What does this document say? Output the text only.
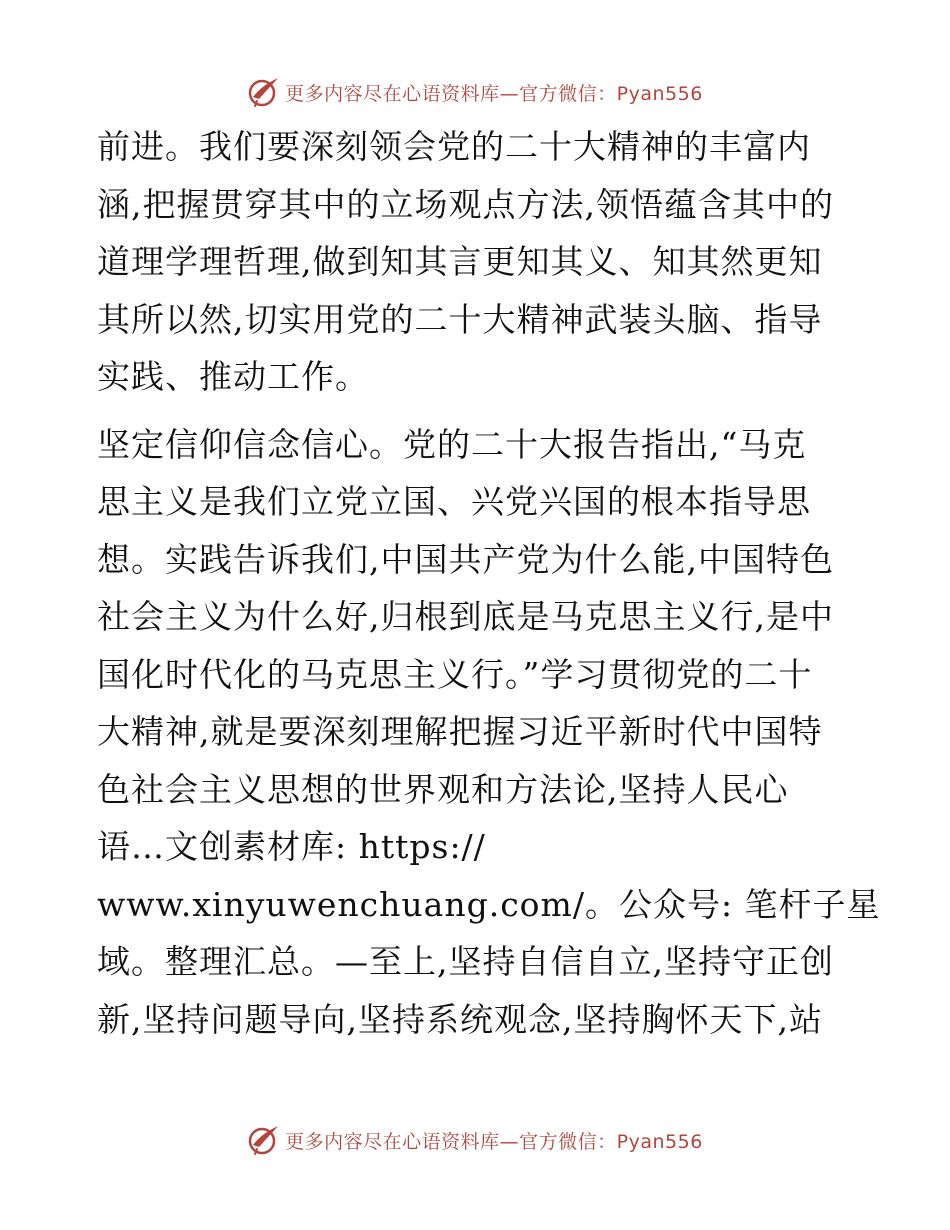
更多内容尽在心语资料库—官方微信：Pyan556
前进。我们要深刻领会党的二十大精神的丰富内
涵,把握贯穿其中的立场观点方法,领悟蕴含其中的
道理学理哲理,做到知其言更知其义、知其然更知
其所以然,切实用党的二十大精神武装头脑、指导
实践、推动工作。
坚定信仰信念信心。党的二十大报告指出,“马克
思主义是我们立党立国、兴党兴国的根本指导思
想。实践告诉我们,中国共产党为什么能,中国特色
社会主义为什么好,归根到底是马克思主义行,是中
国化时代化的马克思主义行。”学习贯彻党的二十
大精神,就是要深刻理解把握习近平新时代中国特
色社会主义思想的世界观和方法论,坚持人民心
语…文创素材库: https://
www.xinyuwenchuang.com/。公众号: 笔杆子星
域。整理汇总。—至上,坚持自信自立,坚持守正创
新,坚持问题导向,坚持系统观念,坚持胸怀天下,站
更多内容尽在心语资料库—官方微信：Pyan556
